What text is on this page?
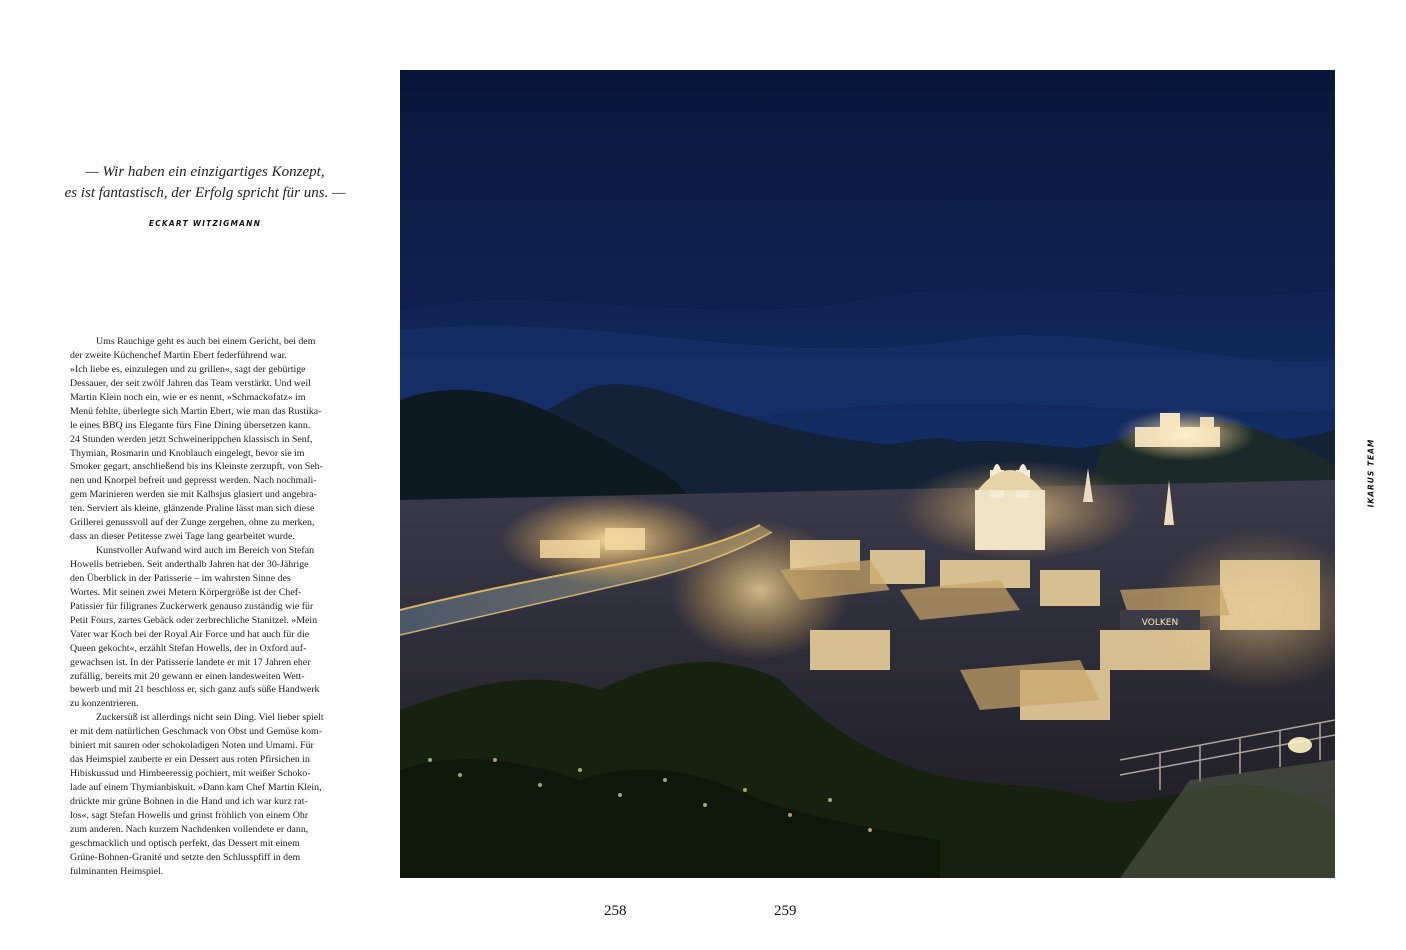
— Wir haben ein einzigartiges Konzept,
es ist fantastisch, der Erfolg spricht für uns. —
ECKART WITZIGMANN

Ums Rauchige geht es auch bei einem Gericht, bei dem
der zweite Küchenchef Martin Ebert federführend war.
»Ich liebe es, einzulegen und zu grillen«, sagt der gebürtige
Dessauer, der seit zwölf Jahren das Team verstärkt. Und weil
Martin Klein noch ein, wie er es nennt, »Schmackofatz« im
Menü fehlte, überlegte sich Martin Ebert, wie man das Rustika-
le eines BBQ ins Elegante fürs Fine Dining übersetzen kann.
24 Stunden werden jetzt Schweinerippchen klassisch in Senf,
Thymian, Rosmarin und Knoblauch eingelegt, bevor sie im
Smoker gegart, anschließend bis ins Kleinste zerzupft, von Seh-
nen und Knorpel befreit und gepresst werden. Nach nochmali-
gem Marinieren werden sie mit Kalbsjus glasiert und angebra-
ten. Serviert als kleine, glänzende Praline lässt man sich diese
Grillerei genussvoll auf der Zunge zergehen, ohne zu merken,
dass an dieser Petitesse zwei Tage lang gearbeitet wurde.

Kunstvoller Aufwand wird auch im Bereich von Stefan
Howells betrieben. Seit anderthalb Jahren hat der 30-Jährige
den Überblick in der Patisserie – im wahrsten Sinne des
Wortes. Mit seinen zwei Metern Körpergröße ist der Chef-
Patissier für filigranes Zuckerwerk genauso zuständig wie für
Petit Fours, zartes Gebäck oder zerbrechliche Stanitzel. »Mein
Vater war Koch bei der Royal Air Force und hat auch für die
Queen gekocht«, erzählt Stefan Howells, der in Oxford auf-
gewachsen ist. In der Patisserie landete er mit 17 Jahren eher
zufällig, bereits mit 20 gewann er einen landesweiten Wett-
bewerb und mit 21 beschloss er, sich ganz aufs süße Handwerk
zu konzentrieren.

Zuckersüß ist allerdings nicht sein Ding. Viel lieber spielt
er mit dem natürlichen Geschmack von Obst und Gemüse kom-
biniert mit sauren oder schokoladigen Noten und Umami. Für
das Heimspiel zauberte er ein Dessert aus roten Pfirsichen in
Hibiskussud und Himbeeressig pochiert, mit weißer Schoko-
lade auf einem Thymianbiskuit. »Dann kam Chef Martin Klein,
drückte mir grüne Bohnen in die Hand und ich war kurz rat-
los«, sagt Stefan Howells und grinst fröhlich von einem Ohr
zum anderen. Nach kurzem Nachdenken vollendete er dann,
geschmacklich und optisch perfekt, das Dessert mit einem
Grüne-Bohnen-Granité und setzte den Schlusspfiff in dem
fulminanten Heimspiel.

VOLKEN
IKARUS TEAM
258	259
